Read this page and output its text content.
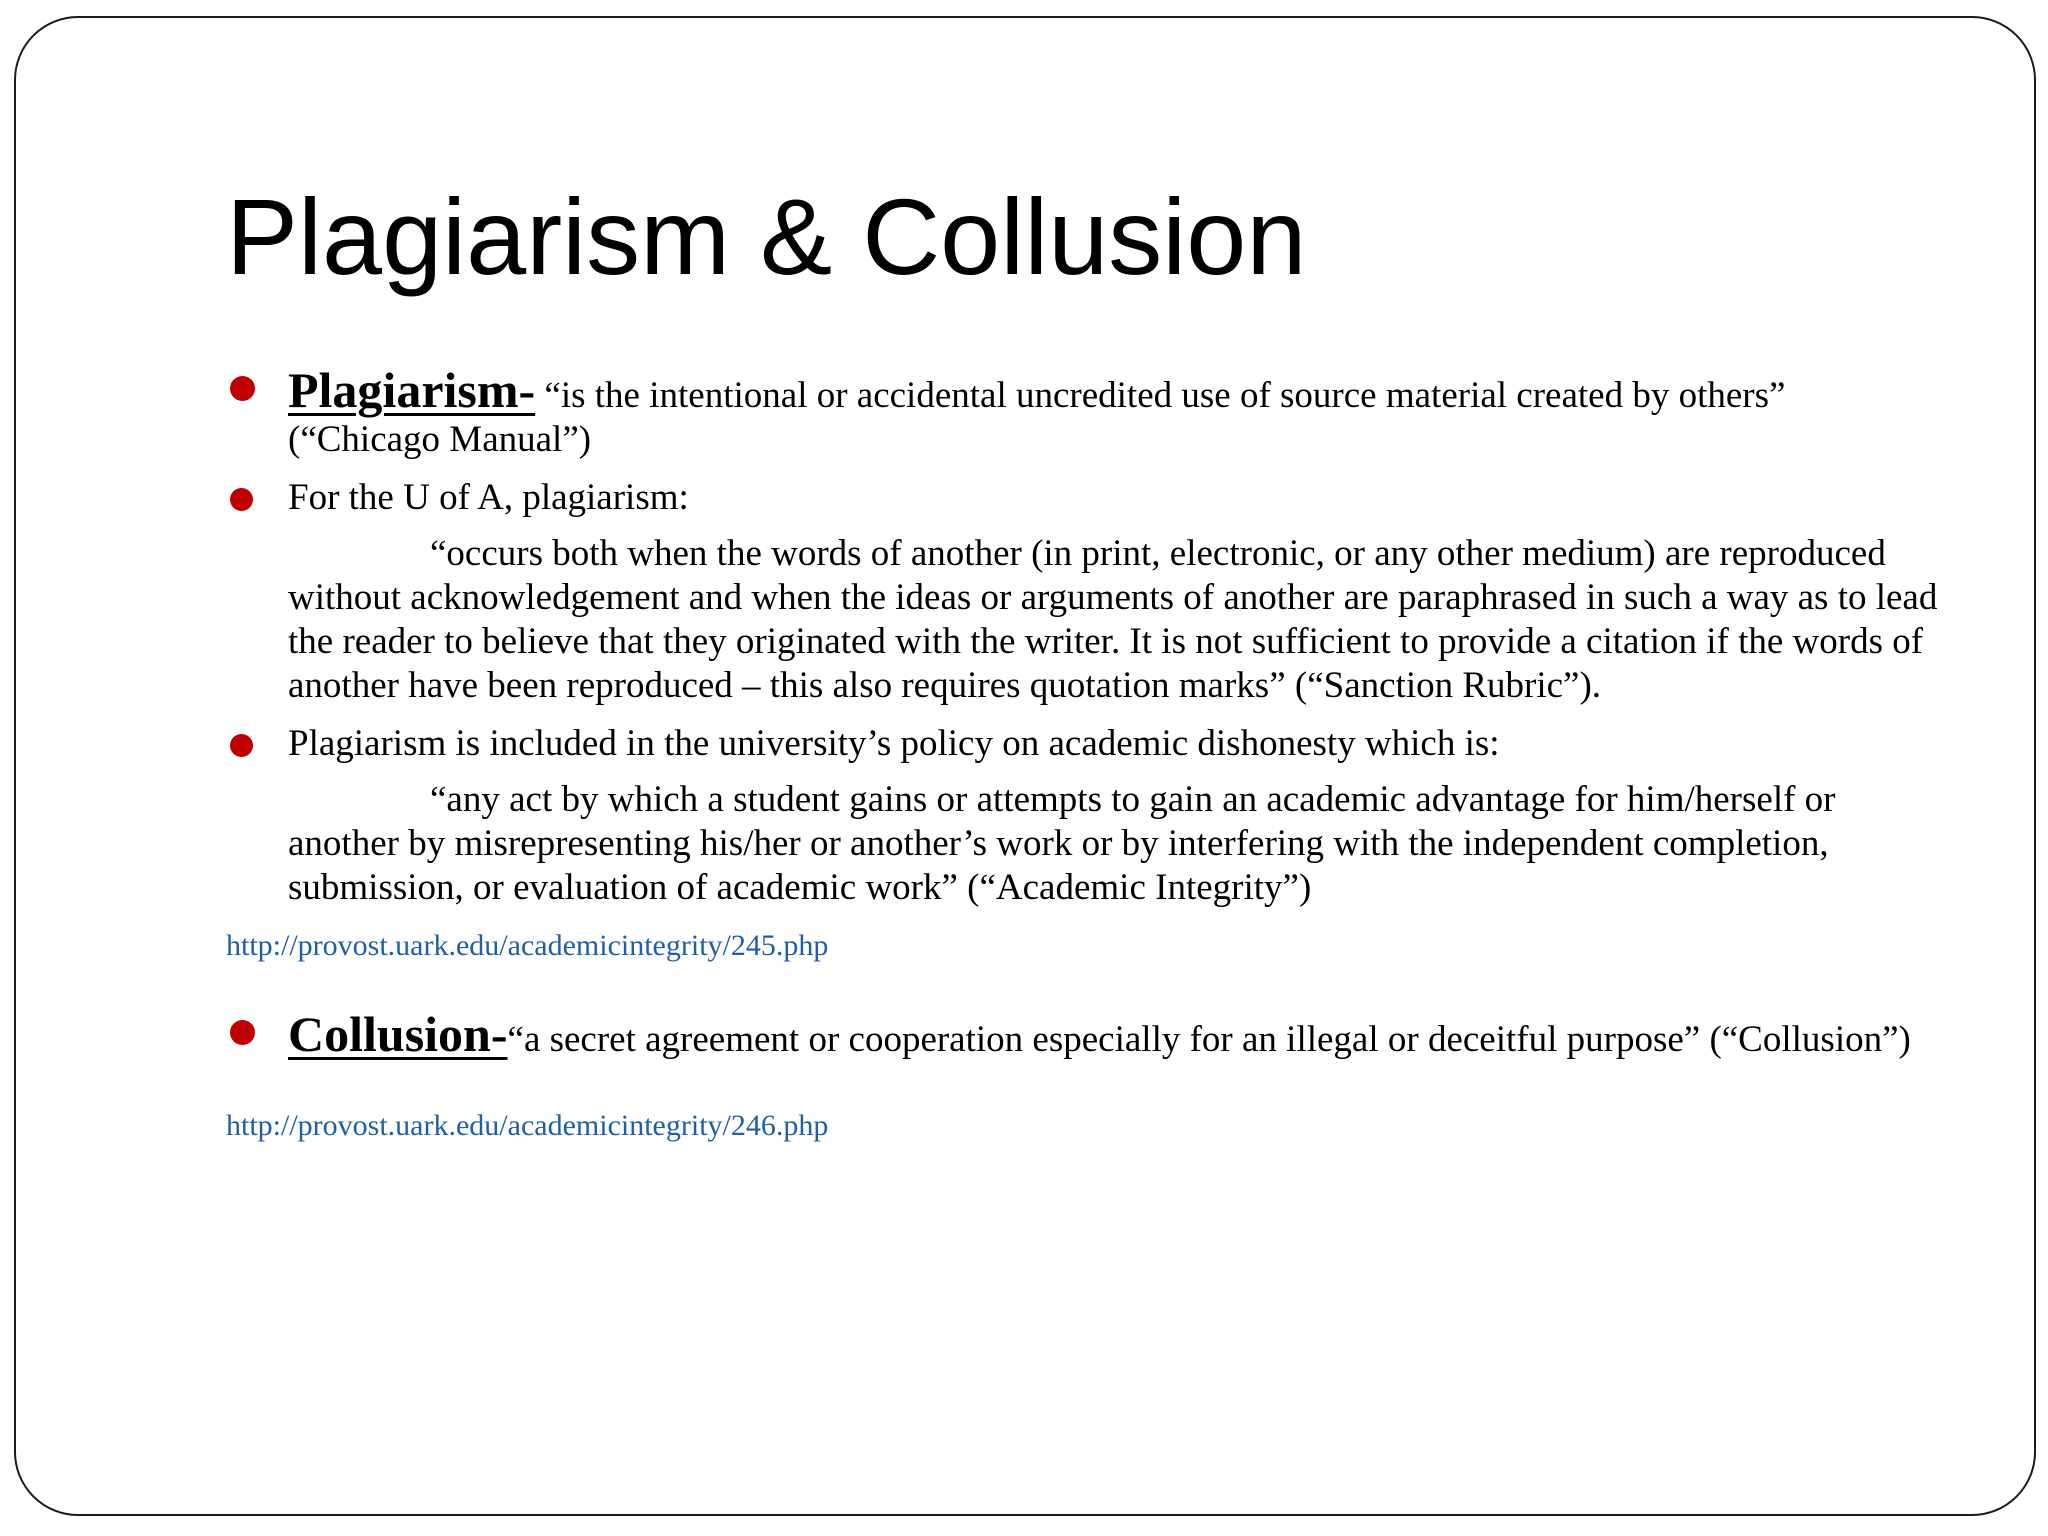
Plagiarism & Collusion
Plagiarism- “is the intentional or accidental uncredited use of source material created by others” (“Chicago Manual”)
For the U of A, plagiarism:
“occurs both when the words of another (in print, electronic, or any other medium) are reproduced without acknowledgement and when the ideas or arguments of another are paraphrased in such a way as to lead the reader to believe that they originated with the writer. It is not sufficient to provide a citation if the words of another have been reproduced – this also requires quotation marks” (“Sanction Rubric”).
Plagiarism is included in the university’s policy on academic dishonesty which is:
“any act by which a student gains or attempts to gain an academic advantage for him/herself or another by misrepresenting his/her or another’s work or by interfering with the independent completion, submission, or evaluation of academic work” (“Academic Integrity”)
http://provost.uark.edu/academicintegrity/245.php
Collusion-“a secret agreement or cooperation especially for an illegal or deceitful purpose” (“Collusion”)
http://provost.uark.edu/academicintegrity/246.php
